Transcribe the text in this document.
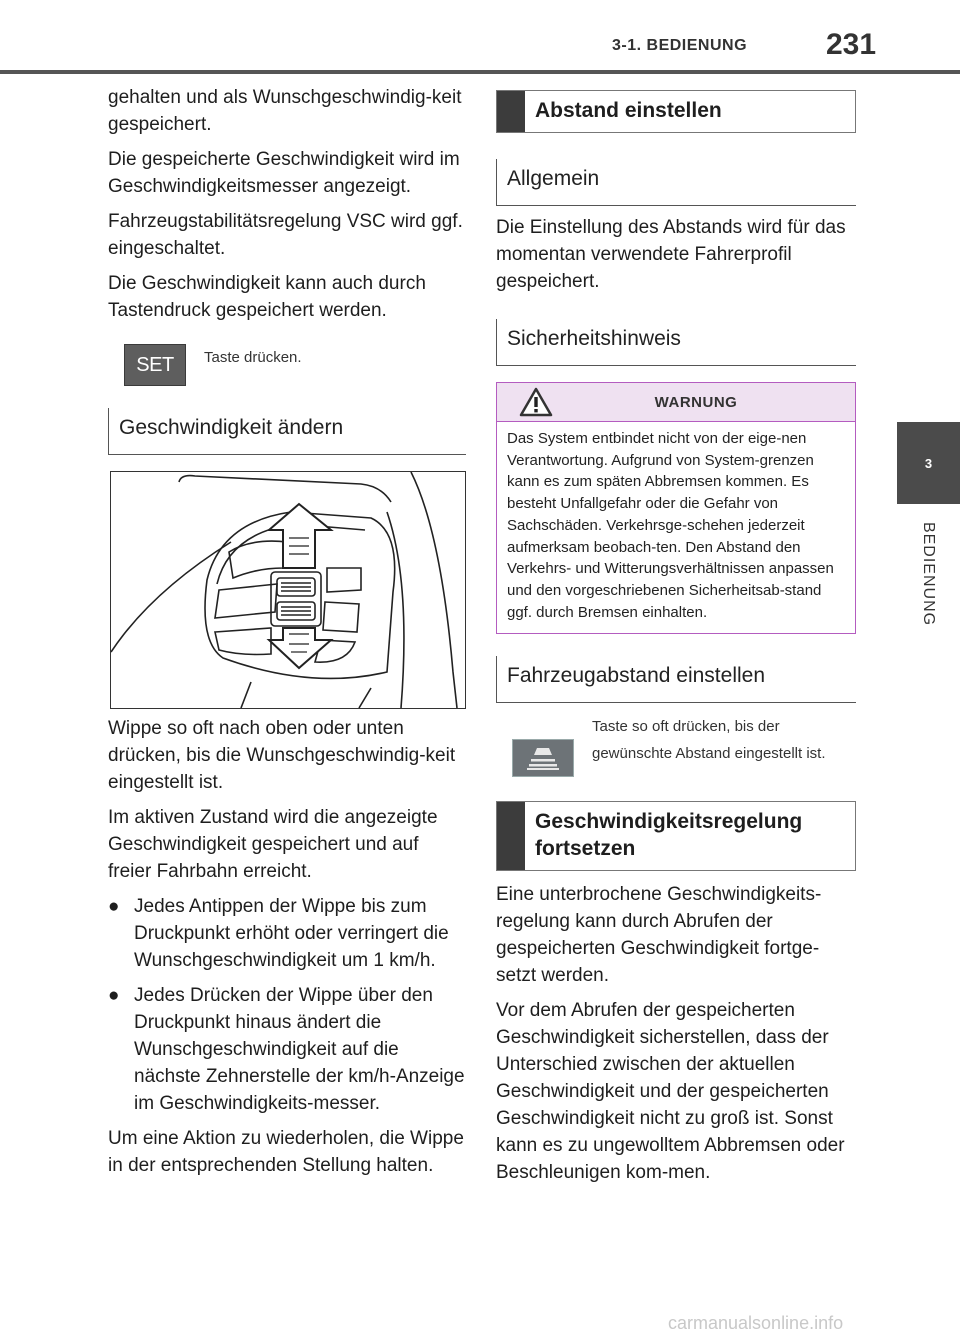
3-1. BEDIENUNG	231
3
BEDIENUNG

gehalten und als Wunschgeschwindig-keit gespeichert.

Die gespeicherte Geschwindigkeit wird im Geschwindigkeitsmesser angezeigt.

Fahrzeugstabilitätsregelung VSC wird ggf. eingeschaltet.

Die Geschwindigkeit kann auch durch Tastendruck gespeichert werden.

SET Taste drücken.
Geschwindigkeit ändern

Wippe so oft nach oben oder unten drücken, bis die Wunschgeschwindig-keit eingestellt ist.

Im aktiven Zustand wird die angezeigte Geschwindigkeit gespeichert und auf freier Fahrbahn erreicht.

● Jedes Antippen der Wippe bis zum Druckpunkt erhöht oder verringert die Wunschgeschwindigkeit um 1 km/h.
● Jedes Drücken der Wippe über den Druckpunkt hinaus ändert die Wunschgeschwindigkeit auf die nächste Zehnerstelle der km/h-Anzeige im Geschwindigkeits-messer.

Um eine Aktion zu wiederholen, die Wippe in der entsprechenden Stellung halten.

Abstand einstellen
Allgemein

Die Einstellung des Abstands wird für das momentan verwendete Fahrerprofil gespeichert.

Sicherheitshinweis
WARNUNG
Das System entbindet nicht von der eige-nen Verantwortung. Aufgrund von System-grenzen kann es zum späten Abbremsen kommen. Es besteht Unfallgefahr oder die Gefahr von Sachschäden. Verkehrsge-schehen jederzeit aufmerksam beobach-ten. Den Abstand den Verkehrs- und Witterungsverhältnissen anpassen und den vorgeschriebenen Sicherheitsab-stand ggf. durch Bremsen einhalten.
Fahrzeugabstand einstellen
Taste so oft drücken, bis der gewünschte Abstand eingestellt ist.
Geschwindigkeitsregelung fortsetzen

Eine unterbrochene Geschwindigkeits-regelung kann durch Abrufen der gespeicherten Geschwindigkeit fortge-setzt werden.

Vor dem Abrufen der gespeicherten Geschwindigkeit sicherstellen, dass der Unterschied zwischen der aktuellen Geschwindigkeit und der gespeicherten Geschwindigkeit nicht zu groß ist. Sonst kann es zu ungewolltem Abbremsen oder Beschleunigen kom-men.

carmanualsonline.info
